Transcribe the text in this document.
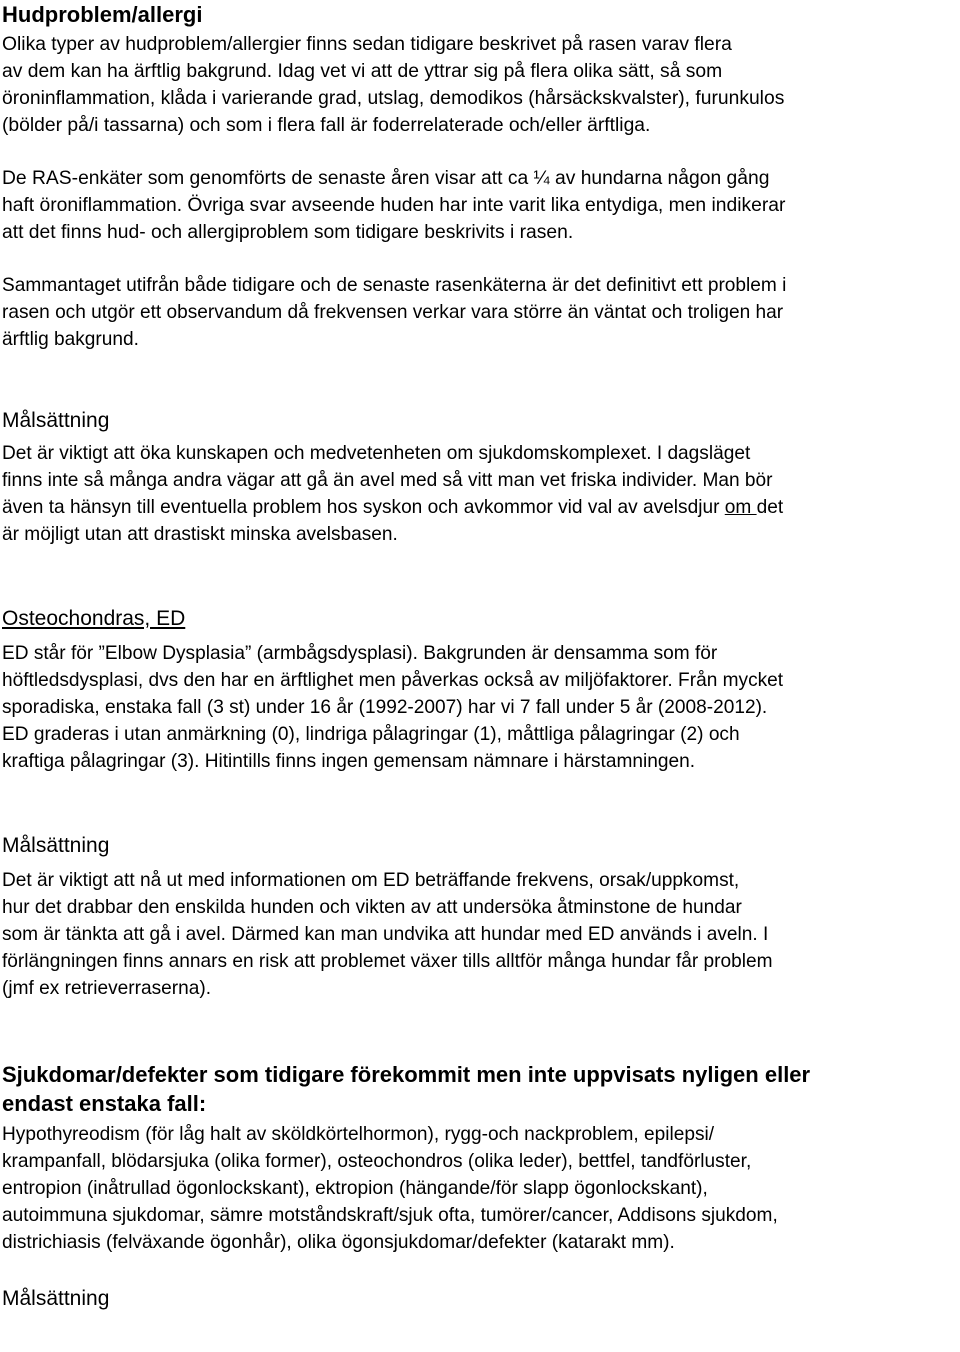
Hudproblem/allergi

Olika typer av hudproblem/allergier finns sedan tidigare beskrivet på rasen varav flera
av dem kan ha ärftlig bakgrund. Idag vet vi att de yttrar sig på flera olika sätt, så som
öroninflammation, klåda i varierande grad, utslag, demodikos (hårsäckskvalster), furunkulos
(bölder på/i tassarna) och som i flera fall är foderrelaterade och/eller ärftliga.

De RAS-enkäter som genomförts de senaste åren visar att ca ¼ av hundarna någon gång
haft öroniflammation. Övriga svar avseende huden har inte varit lika entydiga, men indikerar
att det finns hud- och allergiproblem som tidigare beskrivits i rasen.

Sammantaget utifrån både tidigare och de senaste rasenkäterna är det definitivt ett problem i
rasen och utgör ett observandum då frekvensen verkar vara större än väntat och troligen har
ärftlig bakgrund.

Målsättning

Det är viktigt att öka kunskapen och medvetenheten om sjukdomskomplexet. I dagsläget
finns inte så många andra vägar att gå än avel med så vitt man vet friska individer. Man bör
även ta hänsyn till eventuella problem hos syskon och avkommor vid val av avelsdjur om det
är möjligt utan att drastiskt minska avelsbasen.

Osteochondras, ED

ED står för ”Elbow Dysplasia” (armbågsdysplasi). Bakgrunden är densamma som för
höftledsdysplasi, dvs den har en ärftlighet men påverkas också av miljöfaktorer. Från mycket
sporadiska, enstaka fall (3 st) under 16 år (1992-2007) har vi 7 fall under 5 år (2008-2012).
ED graderas i utan anmärkning (0), lindriga pålagringar (1), måttliga pålagringar (2) och
kraftiga pålagringar (3). Hitintills finns ingen gemensam nämnare i härstamningen.

Målsättning

Det är viktigt att nå ut med informationen om ED beträffande frekvens, orsak/uppkomst,
hur det drabbar den enskilda hunden och vikten av att undersöka åtminstone de hundar
som är tänkta att gå i avel. Därmed kan man undvika att hundar med ED används i aveln. I
förlängningen finns annars en risk att problemet växer tills alltför många hundar får problem
(jmf ex retrieverraserna).

Sjukdomar/defekter som tidigare förekommit men inte uppvisats nyligen eller
endast enstaka fall:

Hypothyreodism (för låg halt av sköldkörtelhormon), rygg-och nackproblem, epilepsi/
krampanfall, blödarsjuka (olika former), osteochondros (olika leder), bettfel, tandförluster,
entropion (inåtrullad ögonlockskant), ektropion (hängande/för slapp ögonlockskant),
autoimmuna sjukdomar, sämre motståndskraft/sjuk ofta, tumörer/cancer, Addisons sjukdom,
districhiasis (felväxande ögonhår), olika ögonsjukdomar/defekter (katarakt mm).

Målsättning
